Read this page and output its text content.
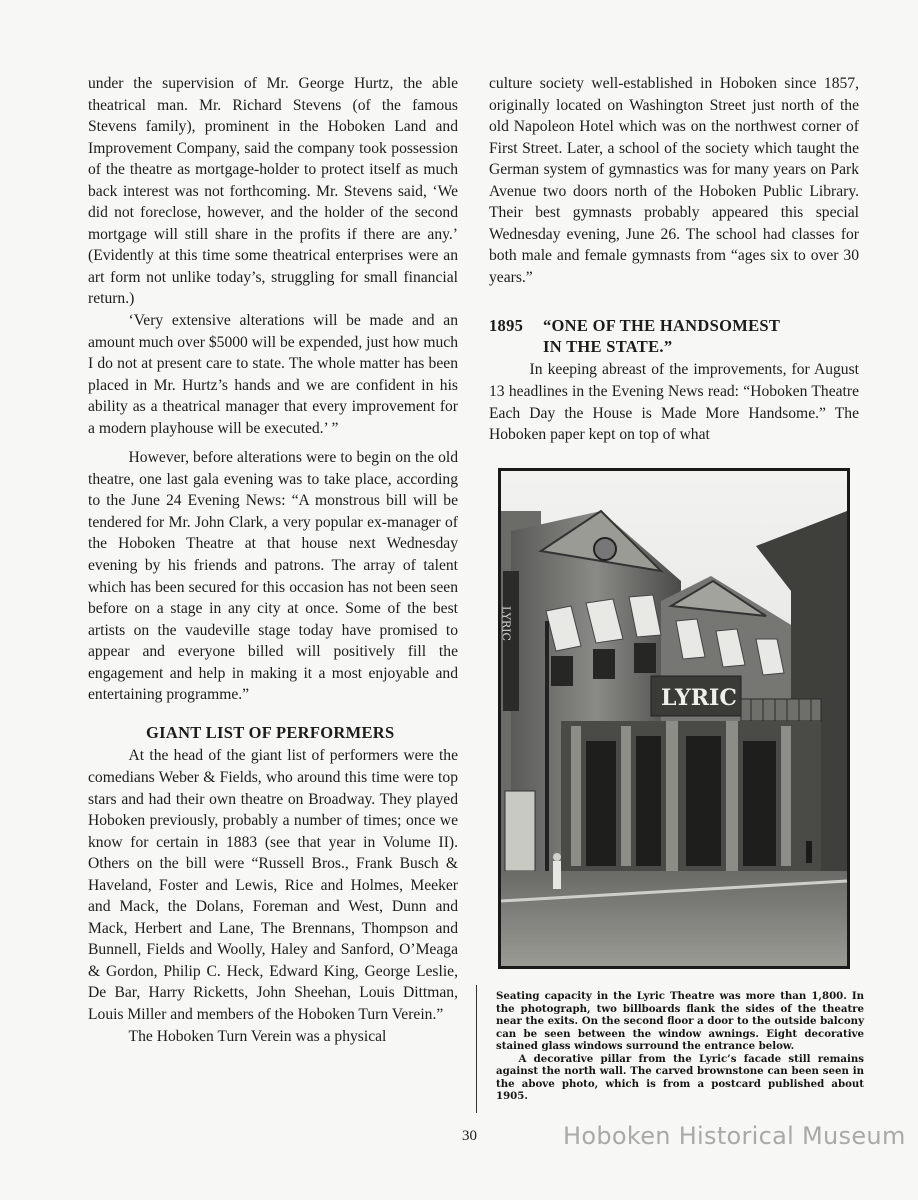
under the supervision of Mr. George Hurtz, the able theatrical man. Mr. Richard Stevens (of the famous Stevens family), prominent in the Hoboken Land and Improvement Company, said the company took possession of the theatre as mortgage-holder to protect itself as much back interest was not forthcoming. Mr. Stevens said, ‘We did not foreclose, however, and the holder of the second mortgage will still share in the profits if there are any.’ (Evidently at this time some theatrical enterprises were an art form not unlike today’s, struggling for small financial return.)

‘Very extensive alterations will be made and an amount much over $5000 will be expended, just how much I do not at present care to state. The whole matter has been placed in Mr. Hurtz’s hands and we are confident in his ability as a theatrical manager that every improvement for a modern playhouse will be executed.’ ”

However, before alterations were to begin on the old theatre, one last gala evening was to take place, according to the June 24 Evening News: “A monstrous bill will be tendered for Mr. John Clark, a very popular ex-manager of the Hoboken Theatre at that house next Wednesday evening by his friends and patrons. The array of talent which has been secured for this occasion has not been seen before on a stage in any city at once. Some of the best artists on the vaudeville stage today have promised to appear and everyone billed will positively fill the engagement and help in making it a most enjoyable and entertaining programme.”

GIANT LIST OF PERFORMERS

At the head of the giant list of performers were the comedians Weber & Fields, who around this time were top stars and had their own theatre on Broadway. They played Hoboken previously, probably a number of times; once we know for certain in 1883 (see that year in Volume II). Others on the bill were “Russell Bros., Frank Busch & Haveland, Foster and Lewis, Rice and Holmes, Meeker and Mack, the Dolans, Foreman and West, Dunn and Mack, Herbert and Lane, The Brennans, Thompson and Bunnell, Fields and Woolly, Haley and Sanford, O’Meaga & Gordon, Philip C. Heck, Edward King, George Leslie, De Bar, Harry Ricketts, John Sheehan, Louis Dittman, Louis Miller and members of the Hoboken Turn Verein.”

The Hoboken Turn Verein was a physical

culture society well-established in Hoboken since 1857, originally located on Washington Street just north of the old Napoleon Hotel which was on the northwest corner of First Street. Later, a school of the society which taught the German system of gymnastics was for many years on Park Avenue two doors north of the Hoboken Public Library. Their best gymnasts probably appeared this special Wednesday evening, June 26. The school had classes for both male and female gymnasts from “ages six to over 30 years.”

1895	“ONE OF THE HANDSOMEST
IN THE STATE.”

In keeping abreast of the improvements, for August 13 headlines in the Evening News read: “Hoboken Theatre Each Day the House is Made More Handsome.” The Hoboken paper kept on top of what

LYRIC
LYRIC

Seating capacity in the Lyric Theatre was more than 1,800. In the photograph, two billboards flank the sides of the theatre near the exits. On the second floor a door to the outside balcony can be seen between the window awnings. Eight decorative stained glass windows surround the entrance below.

A decorative pillar from the Lyric’s facade still remains against the north wall. The carved brownstone can been seen in the above photo, which is from a postcard published about 1905.

30	Hoboken Historical Museum
